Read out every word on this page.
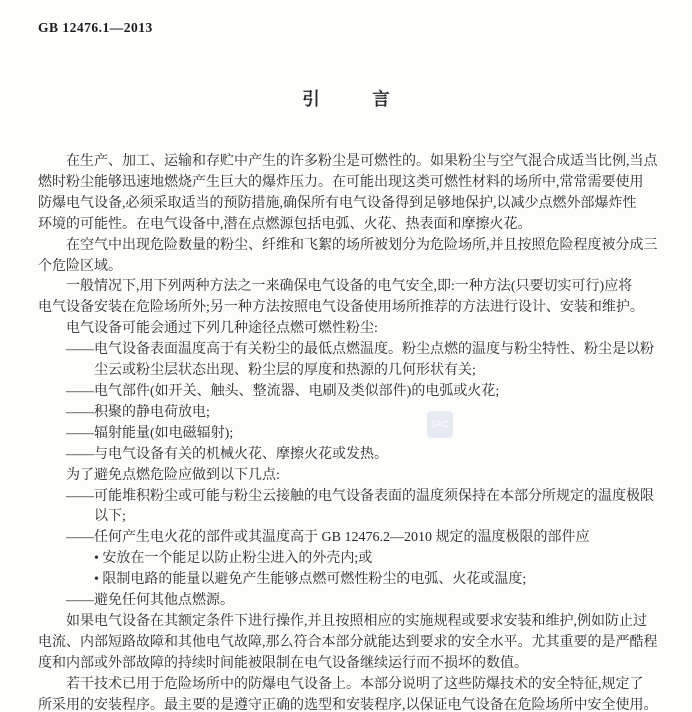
GB 12476.1—2013
引　　　言
在生产、加工、运输和存贮中产生的许多粉尘是可燃性的。如果粉尘与空气混合成适当比例,当点
燃时粉尘能够迅速地燃烧产生巨大的爆炸压力。在可能出现这类可燃性材料的场所中,常常需要使用
防爆电气设备,必须采取适当的预防措施,确保所有电气设备得到足够地保护,以减少点燃外部爆炸性
环境的可能性。在电气设备中,潜在点燃源包括电弧、火花、热表面和摩擦火花。
在空气中出现危险数量的粉尘、纤维和飞絮的场所被划分为危险场所,并且按照危险程度被分成三
个危险区域。
一般情况下,用下列两种方法之一来确保电气设备的电气安全,即:一种方法(只要切实可行)应将
电气设备安装在危险场所外;另一种方法按照电气设备使用场所推荐的方法进行设计、安装和维护。
电气设备可能会通过下列几种途径点燃可燃性粉尘:
——电气设备表面温度高于有关粉尘的最低点燃温度。粉尘点燃的温度与粉尘特性、粉尘是以粉
尘云或粉尘层状态出现、粉尘层的厚度和热源的几何形状有关;
——电气部件(如开关、触头、整流器、电刷及类似部件)的电弧或火花;
——积聚的静电荷放电;
——辐射能量(如电磁辐射);
——与电气设备有关的机械火花、摩擦火花或发热。
为了避免点燃危险应做到以下几点:
——可能堆积粉尘或可能与粉尘云接触的电气设备表面的温度须保持在本部分所规定的温度极限
以下;
——任何产生电火花的部件或其温度高于 GB 12476.2—2010 规定的温度极限的部件应
• 安放在一个能足以防止粉尘进入的外壳内;或
• 限制电路的能量以避免产生能够点燃可燃性粉尘的电弧、火花或温度;
——避免任何其他点燃源。
如果电气设备在其额定条件下进行操作,并且按照相应的实施规程或要求安装和维护,例如防止过
电流、内部短路故障和其他电气故障,那么符合本部分就能达到要求的安全水平。尤其重要的是严酷程
度和内部或外部故障的持续时间能被限制在电气设备继续运行而不损坏的数值。
若干技术已用于危险场所中的防爆电气设备上。本部分说明了这些防爆技术的安全特征,规定了
所采用的安装程序。最主要的是遵守正确的选型和安装程序,以保证电气设备在危险场所中安全使用。
SAC
